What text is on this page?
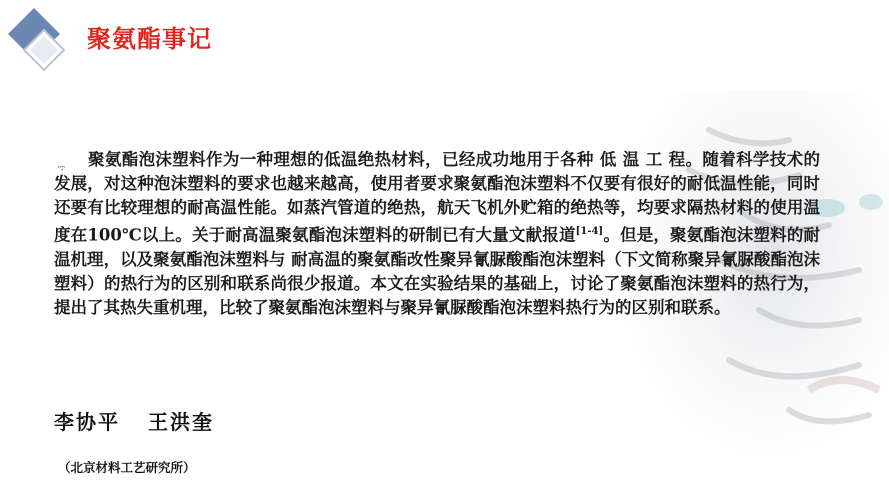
聚氨酯事记
··:·	聚氨酯泡沫塑料作为一种理想的低温绝热材料，已经成功地用于各种 低 温 工 程。随着科学技术的发展，对这种泡沫塑料的要求也越来越高，使用者要求聚氨酯泡沫塑料不仅要有很好的耐低温性能，同时还要有比较理想的耐高温性能。如蒸汽管道的绝热，航天飞机外贮箱的绝热等，均要求隔热材料的使用温度在100℃以上。关于耐高温聚氨酯泡沫塑料的研制已有大量文献报道[1-4]。但是，聚氨酯泡沫塑料的耐温机理，以及聚氨酯泡沫塑料与 耐高温的聚氨酯改性聚异氰脲酸酯泡沫塑料（下文简称聚异氰脲酸酯泡沫塑料）的热行为的区别和联系尚很少报道。本文在实验结果的基础上，讨论了聚氨酯泡沫塑料的热行为，提出了其热失重机理，比较了聚氨酯泡沫塑料与聚异氰脲酸酯泡沫塑料热行为的区别和联系。
李协平 王洪奎
（北京材料工艺研究所）
